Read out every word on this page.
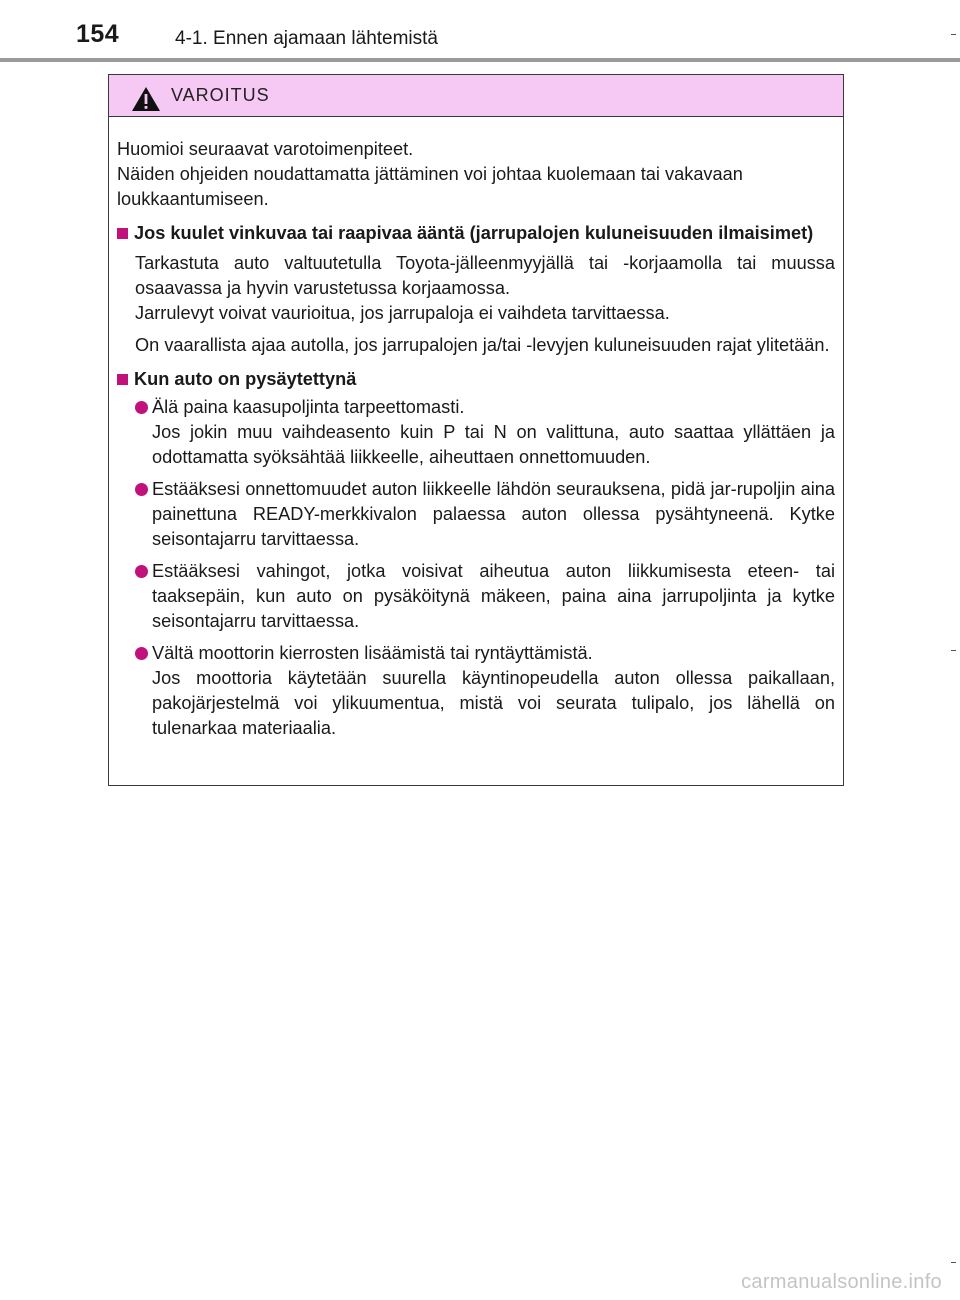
154	4-1. Ennen ajamaan lähtemistä
VAROITUS

Huomioi seuraavat varotoimenpiteet.
Näiden ohjeiden noudattamatta jättäminen voi johtaa kuolemaan tai vakavaan
loukkaantumiseen.

Jos kuulet vinkuvaa tai raapivaa ääntä (jarrupalojen kuluneisuuden ilmaisimet)

Tarkastuta auto valtuutetulla Toyota-jälleenmyyjällä tai -korjaamolla tai muussa osaavassa ja hyvin varustetussa korjaamossa.
Jarrulevyt voivat vaurioitua, jos jarrupaloja ei vaihdeta tarvittaessa.

On vaarallista ajaa autolla, jos jarrupalojen ja/tai -levyjen kuluneisuuden rajat ylitetään.

Kun auto on pysäytettynä
Älä paina kaasupoljinta tarpeettomasti.
Jos jokin muu vaihdeasento kuin P tai N on valittuna, auto saattaa yllättäen ja odottamatta syöksähtää liikkeelle, aiheuttaen onnettomuuden.
Estääksesi onnettomuudet auton liikkeelle lähdön seurauksena, pidä jar-rupoljin aina painettuna READY-merkkivalon palaessa auton ollessa pysähtyneenä. Kytke seisontajarru tarvittaessa.
Estääksesi vahingot, jotka voisivat aiheutua auton liikkumisesta eteen- tai taaksepäin, kun auto on pysäköitynä mäkeen, paina aina jarrupoljinta ja kytke seisontajarru tarvittaessa.
Vältä moottorin kierrosten lisäämistä tai ryntäyttämistä.
Jos moottoria käytetään suurella käyntinopeudella auton ollessa paikallaan, pakojärjestelmä voi ylikuumentua, mistä voi seurata tulipalo, jos lähellä on tulenarkaa materiaalia.
carmanualsonline.info
